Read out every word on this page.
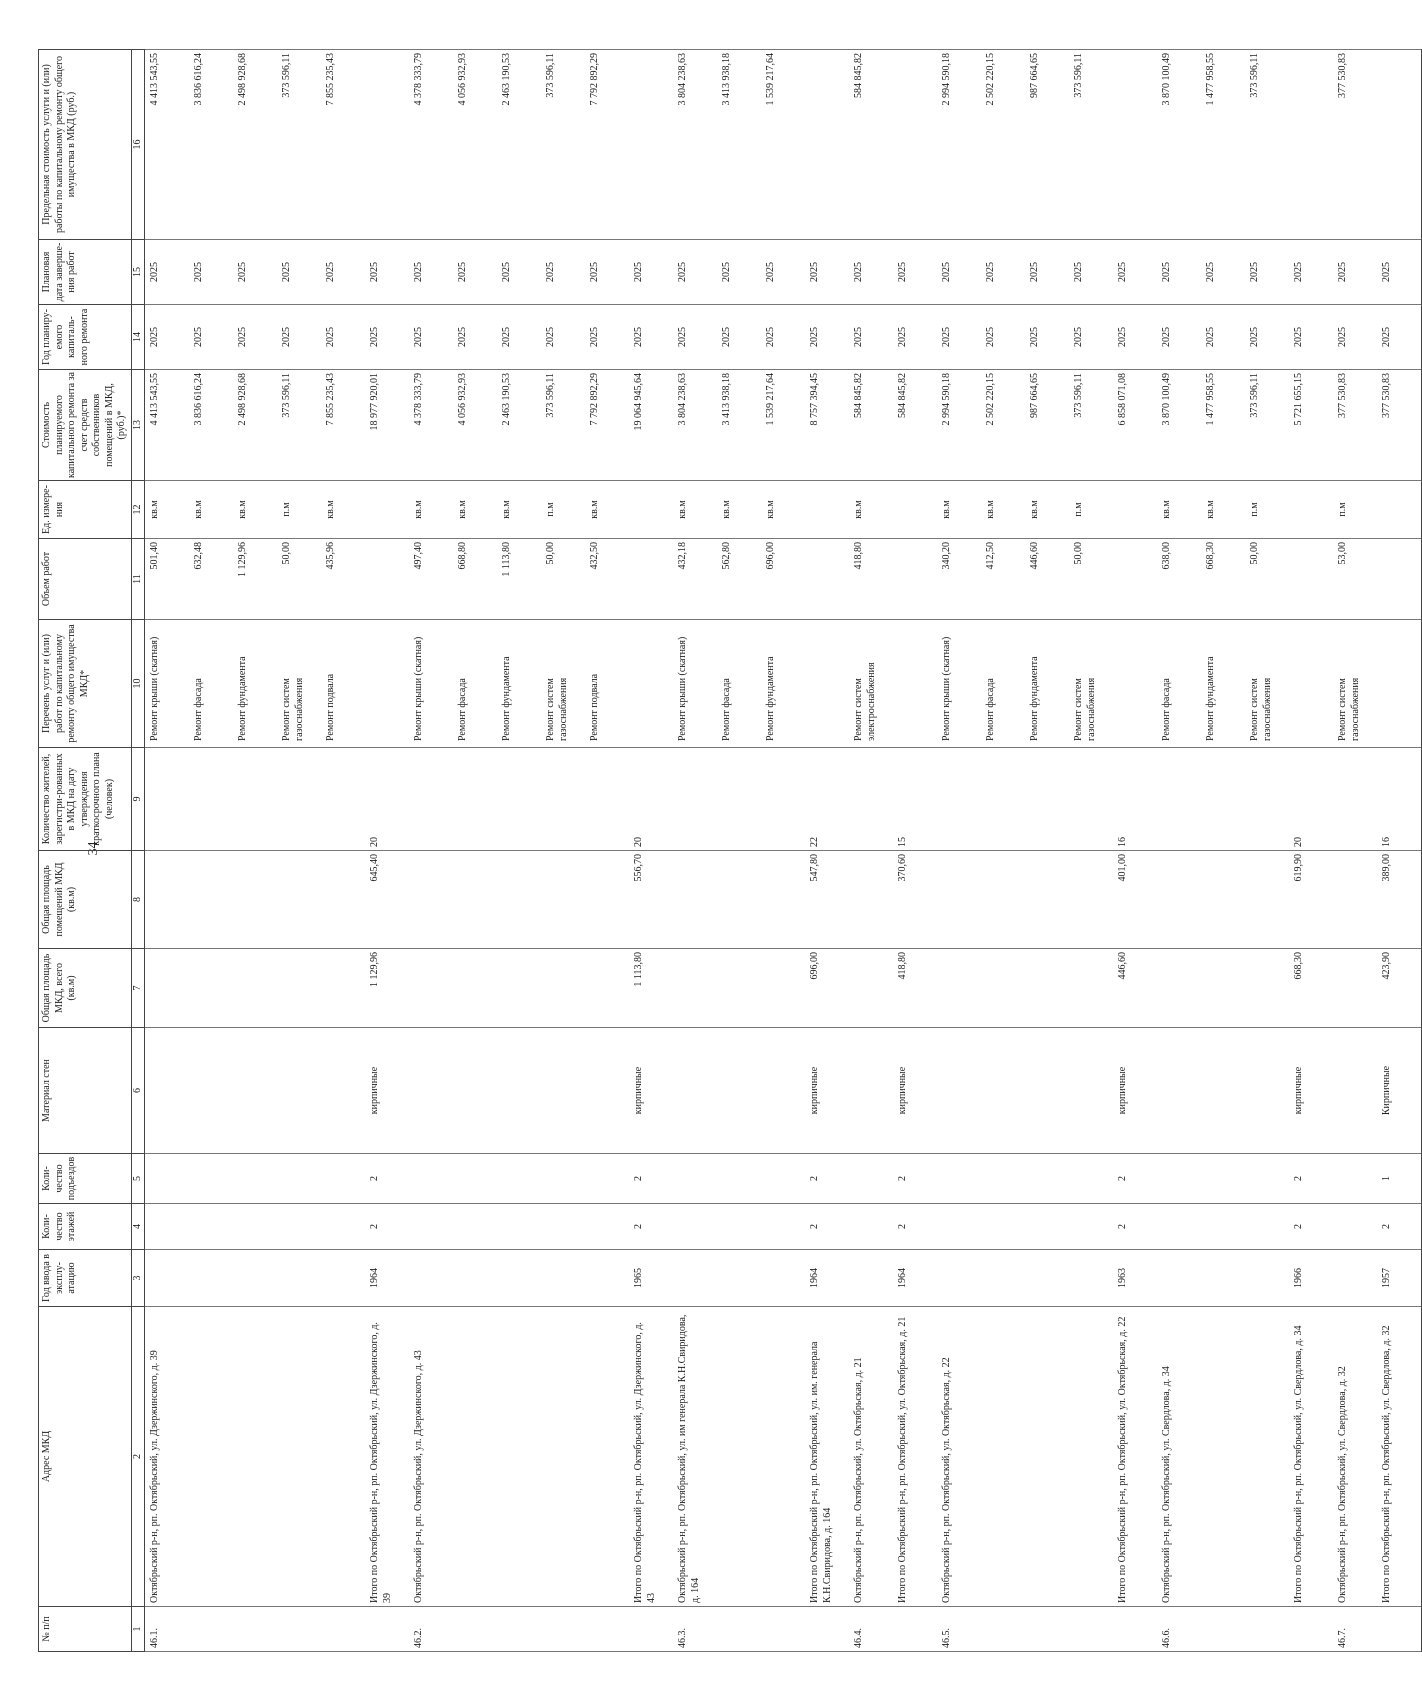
34
№ п/п	Адрес МКД	Год ввода в эксплу-атацию	Коли-чество этажей	Коли-чество подъездов	Материал стен	Общая площадь МКД, всего (кв.м)	Общая площадь помещений МКД (кв.м)	Количество жителей, зарегистри-рованных в МКД на дату утверждения краткосрочного плана (человек)	Перечень услуг и (или) работ по капитальному ремонту общего имущества МКД*	Объем работ	Ед. измере-ния	Стоимость планируемого капитального ремонта за счет средств собственников помещений в МКД, (руб.)*	Год планиру-емого капиталь-ного ремонта	Плановая дата заверше-ния работ	Предельная стоимость услуги и (или) работы по капитальному ремонту общего имущества в МКД (руб.)
1	2	3	4	5	6	7	8	9	10	11	12	13	14	15	16
46.1.	Октябрьский р-н, рп. Октябрьский, ул. Дзержинского, д. 39								Ремонт крыши (скатная)	501,40	кв.м	4 413 543,55	2025	2025	4 413 543,55
									Ремонт фасада	632,48	кв.м	3 836 616,24	2025	2025	3 836 616,24
									Ремонт фундамента	1 129,96	кв.м	2 498 928,68	2025	2025	2 498 928,68
									Ремонт систем газоснабжения	50,00	п.м	373 596,11	2025	2025	373 596,11
									Ремонт подвала	435,96	кв.м	7 855 235,43	2025	2025	7 855 235,43
	Итого по Октябрьский р-н, рп. Октябрьский, ул. Дзержинского, д. 39	1964	2	2	кирпичные	1 129,96	645,40	20				18 977 920,01	2025	2025	
46.2.	Октябрьский р-н, рп. Октябрьский, ул. Дзержинского, д. 43								Ремонт крыши (скатная)	497,40	кв.м	4 378 333,79	2025	2025	4 378 333,79
									Ремонт фасада	668,80	кв.м	4 056 932,93	2025	2025	4 056 932,93
									Ремонт фундамента	1 113,80	кв.м	2 463 190,53	2025	2025	2 463 190,53
									Ремонт систем газоснабжения	50,00	п.м	373 596,11	2025	2025	373 596,11
									Ремонт подвала	432,50	кв.м	7 792 892,29	2025	2025	7 792 892,29
	Итого по Октябрьский р-н, рп. Октябрьский, ул. Дзержинского, д. 43	1965	2	2	кирпичные	1 113,80	556,70	20				19 064 945,64	2025	2025	
46.3.	Октябрьский р-н, рп. Октябрьский, ул. им генерала К.Н.Свиридова, д. 164								Ремонт крыши (скатная)	432,18	кв.м	3 804 238,63	2025	2025	3 804 238,63
									Ремонт фасада	562,80	кв.м	3 413 938,18	2025	2025	3 413 938,18
									Ремонт фундамента	696,00	кв.м	1 539 217,64	2025	2025	1 539 217,64
	Итого по Октябрьский р-н, рп. Октябрьский, ул. им. генерала К.Н.Свиридова, д. 164	1964	2	2	кирпичные	696,00	547,80	22				8 757 394,45	2025	2025	
46.4.	Октябрьский р-н, рп. Октябрьский, ул. Октябрьская, д. 21								Ремонт систем электроснабжения	418,80	кв.м	584 845,82	2025	2025	584 845,82
	Итого по Октябрьский р-н, рп. Октябрьский, ул. Октябрьская, д. 21	1964	2	2	кирпичные	418,80	370,60	15				584 845,82	2025	2025	
46.5.	Октябрьский р-н, рп. Октябрьский, ул. Октябрьская, д. 22								Ремонт крыши (скатная)	340,20	кв.м	2 994 590,18	2025	2025	2 994 590,18
									Ремонт фасада	412,50	кв.м	2 502 220,15	2025	2025	2 502 220,15
									Ремонт фундамента	446,60	кв.м	987 664,65	2025	2025	987 664,65
									Ремонт систем газоснабжения	50,00	п.м	373 596,11	2025	2025	373 596,11
	Итого по Октябрьский р-н, рп. Октябрьский, ул. Октябрьская, д. 22	1963	2	2	кирпичные	446,60	401,00	16				6 858 071,08	2025	2025	
46.6.	Октябрьский р-н, рп. Октябрьский, ул. Свердлова, д. 34								Ремонт фасада	638,00	кв.м	3 870 100,49	2025	2025	3 870 100,49
									Ремонт фундамента	668,30	кв.м	1 477 958,55	2025	2025	1 477 958,55
									Ремонт систем газоснабжения	50,00	п.м	373 596,11	2025	2025	373 596,11
	Итого по Октябрьский р-н, рп. Октябрьский, ул. Свердлова, д. 34	1966	2	2	кирпичные	668,30	619,90	20				5 721 655,15	2025	2025	
46.7.	Октябрьский р-н, рп. Октябрьский, ул. Свердлова, д. 32								Ремонт систем газоснабжения	53,00	п.м	377 530,83	2025	2025	377 530,83
	Итого по Октябрьский р-н, рп. Октябрьский, ул. Свердлова, д. 32	1957	2	1	Кирпичные	423,90	389,00	16				377 530,83	2025	2025	
